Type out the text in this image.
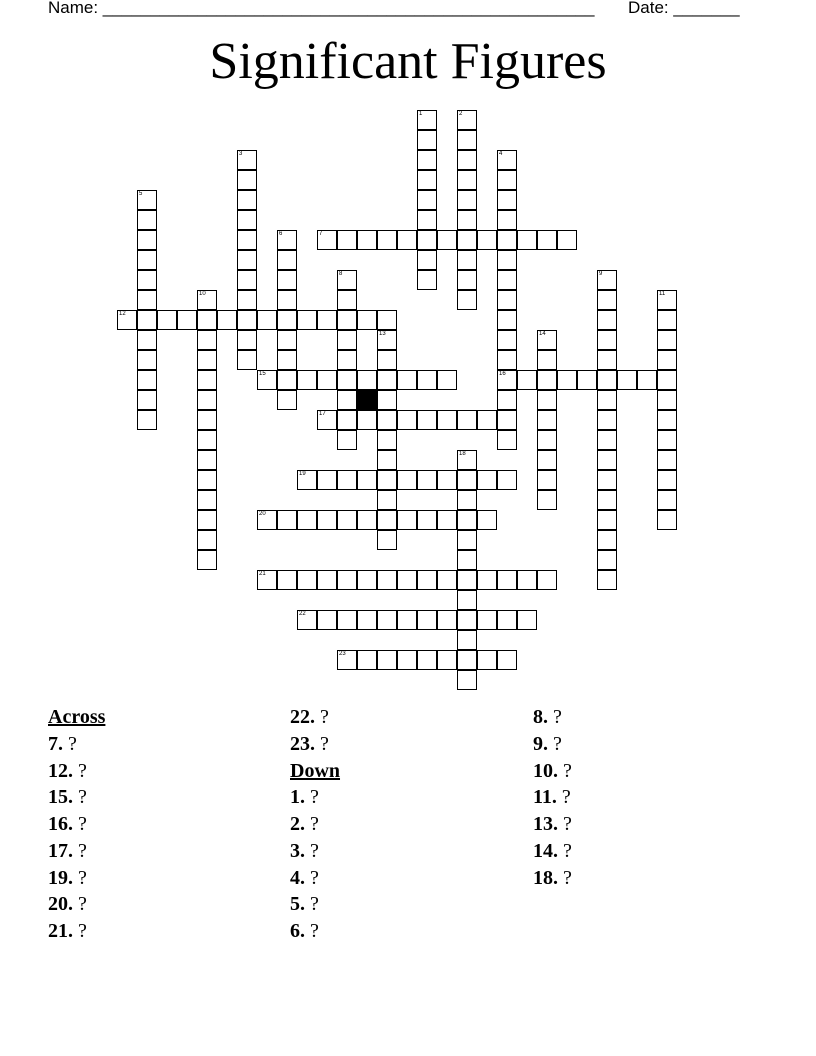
Name: ____________________________________________________ Date: _______
Significant Figures
1	2
3	4
16
5
6	7
8	9
10	11
12
13	14
15
17
18
19
20
21
22
23
Across
7. ?
12. ?
15. ?
16. ?
17. ?
19. ?
20. ?
21. ?
22. ?
23. ?
Down
1. ?
2. ?
3. ?
4. ?
5. ?
6. ?
8. ?
9. ?
10. ?
11. ?
13. ?
14. ?
18. ?
